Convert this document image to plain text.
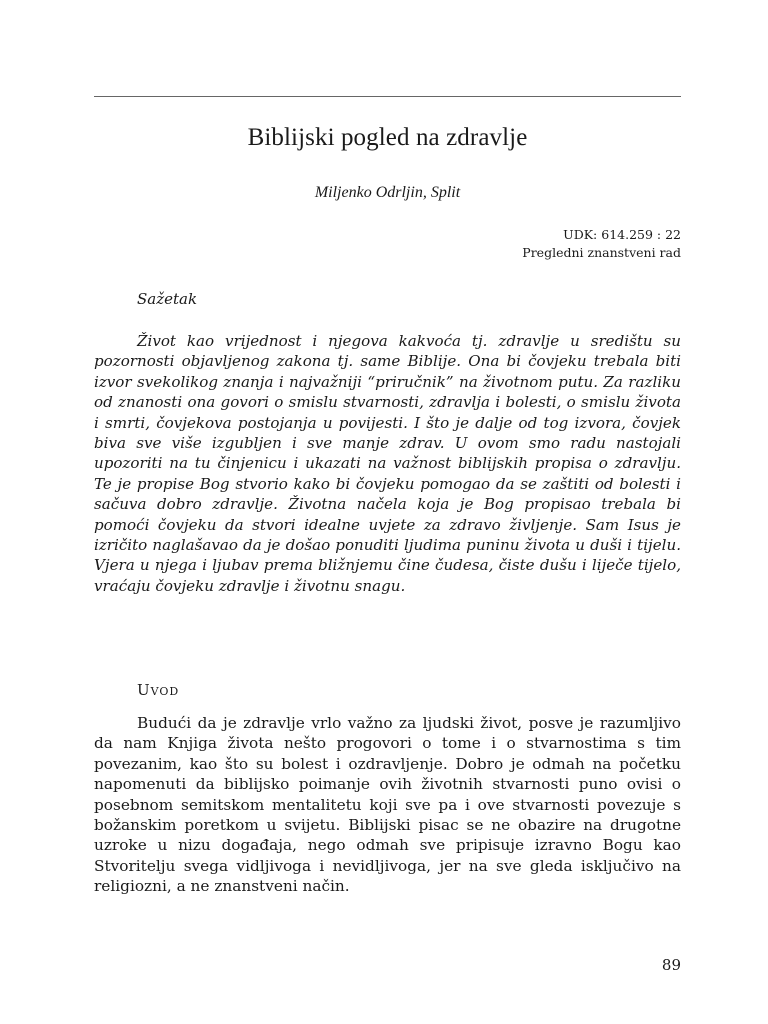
Biblijski pogled na zdravlje
Miljenko Odrljin, Split
UDK: 614.259 : 22
Pregledni znanstveni rad
Sažetak

Život kao vrijednost i njegova kakvoća tj. zdravlje u središtu su pozornosti objavljenog zakona tj. same Biblije. Ona bi čovjeku trebala biti izvor svekolikog znanja i najvažniji “priručnik” na životnom putu. Za razliku od znanosti ona govori o smislu stvarnosti, zdravlja i bolesti, o smislu života i smrti, čovjekova postojanja u povijesti. I što je dalje od tog izvora, čovjek biva sve više izgubljen i sve manje zdrav. U ovom smo radu nastojali upozoriti na tu činjenicu i ukazati na važnost biblijskih propisa o zdravlju. Te je propise Bog stvorio kako bi čovjeku pomogao da se zaštiti od bolesti i sačuva dobro zdravlje. Životna načela koja je Bog propisao trebala bi pomoći čovjeku da stvori idealne uvjete za zdravo življenje. Sam Isus je izričito naglašavao da je došao ponuditi ljudima puninu života u duši i tijelu. Vjera u njega i ljubav prema bližnjemu čine čudesa, čiste dušu i liječe tijelo, vraćaju čovjeku zdravlje i životnu snagu.

Uvod

Budući da je zdravlje vrlo važno za ljudski život, posve je razumljivo da nam Knjiga života nešto progovori o tome i o stvarnostima s tim povezanim, kao što su bolest i ozdravljenje. Dobro je odmah na početku napomenuti da biblijsko poimanje ovih životnih stvarnosti puno ovisi o posebnom semitskom mentalitetu koji sve pa i ove stvarnosti povezuje s božanskim poretkom u svijetu. Biblijski pisac se ne obazire na drugotne uzroke u nizu događaja, nego odmah sve pripisuje izravno Bogu kao Stvoritelju svega vidljivoga i nevidljivoga, jer na sve gleda isključivo na religiozni, a ne znanstveni način.

89
